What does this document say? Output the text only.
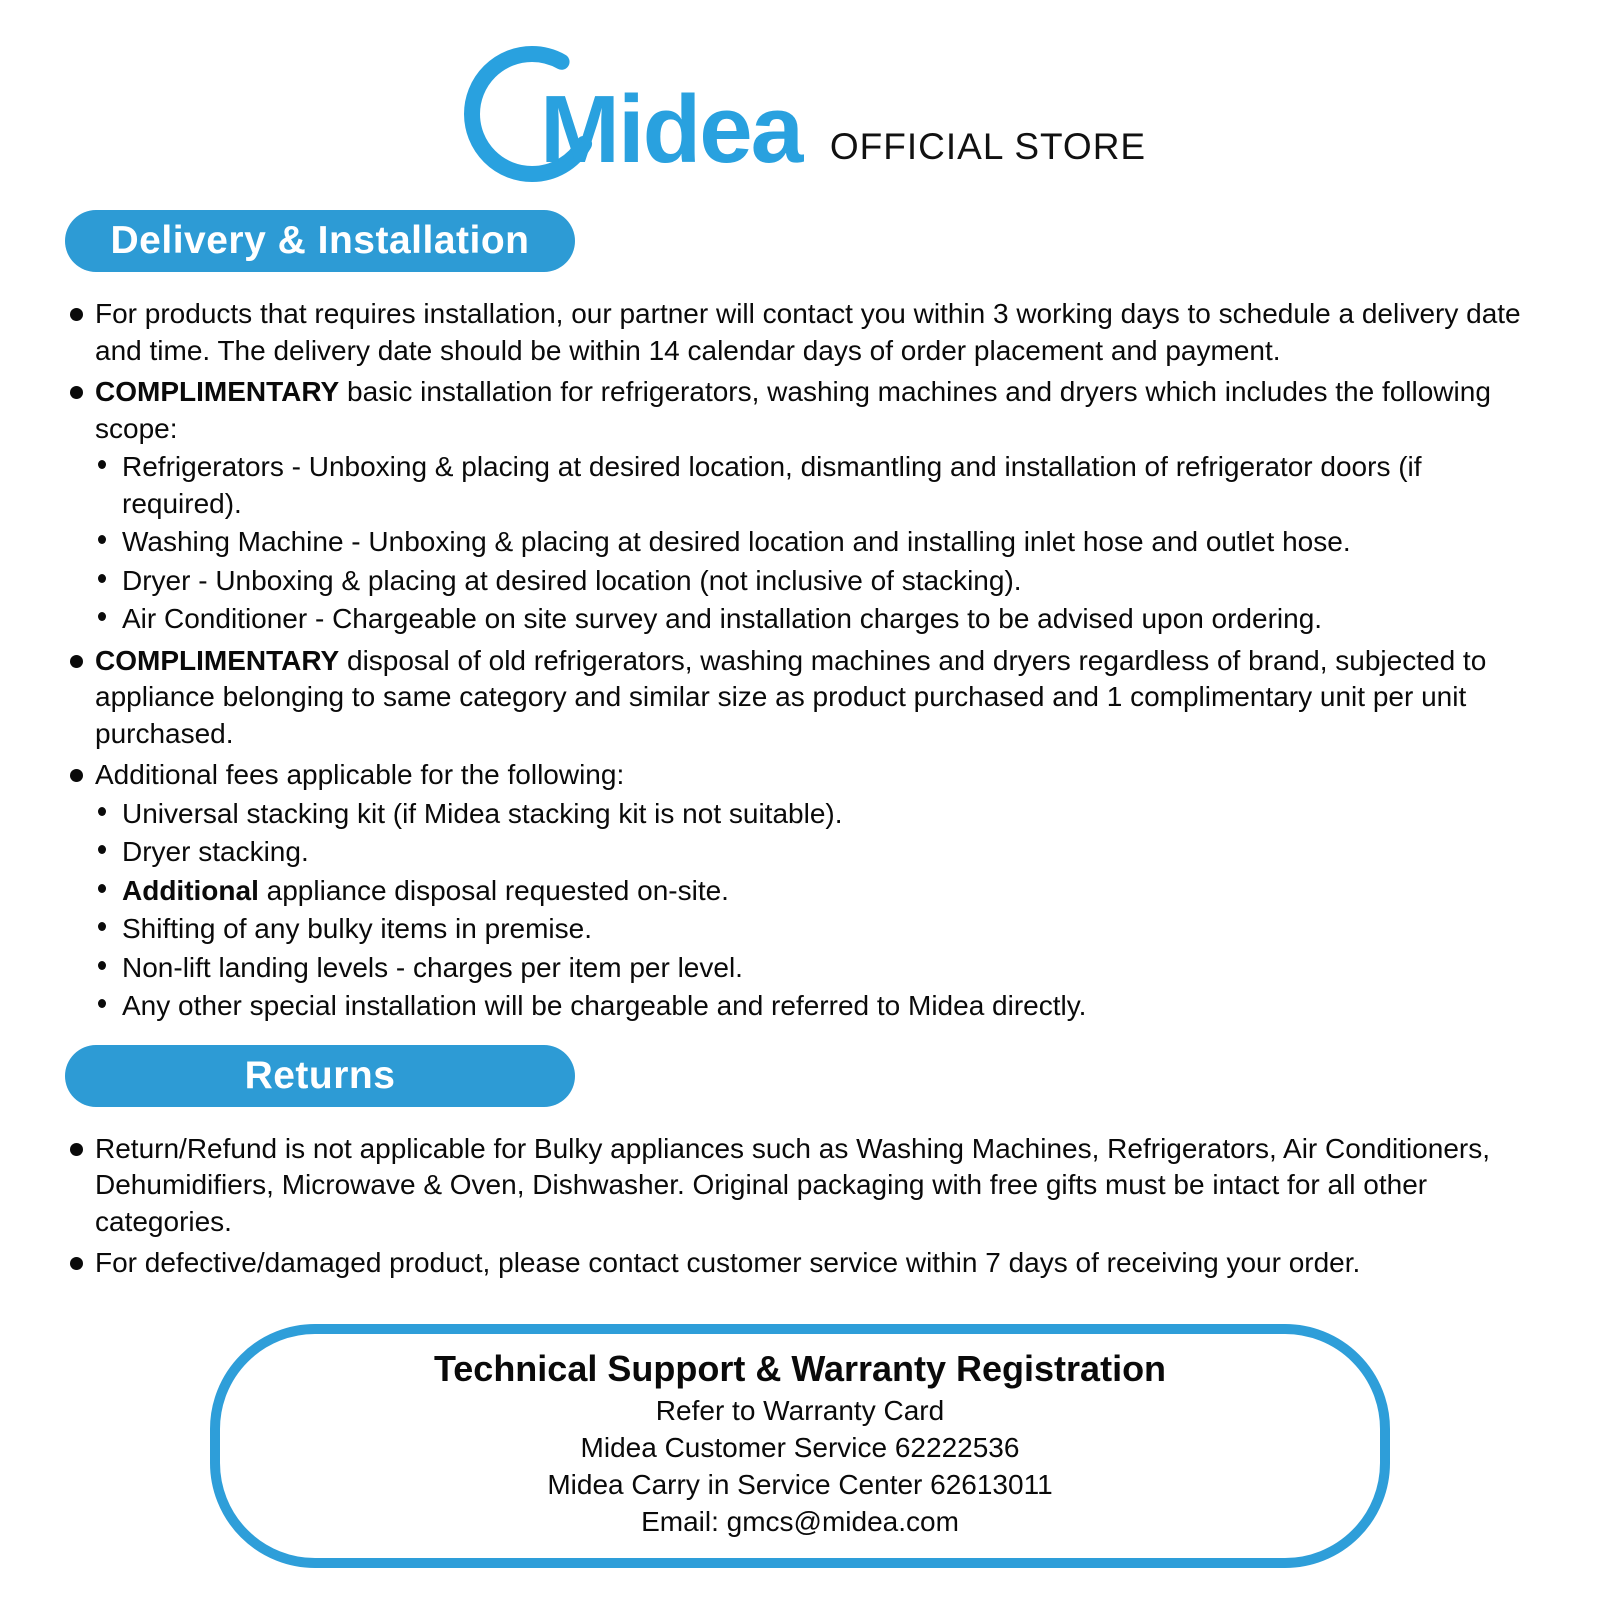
Midea OFFICIAL STORE
Delivery & Installation
For products that requires installation, our partner will contact you within 3 working days to schedule a delivery date and time. The delivery date should be within 14 calendar days of order placement and payment.
COMPLIMENTARY basic installation for refrigerators, washing machines and dryers which includes the following scope:
Refrigerators - Unboxing & placing at desired location, dismantling and installation of refrigerator doors (if required).
Washing Machine - Unboxing & placing at desired location and installing inlet hose and outlet hose.
Dryer - Unboxing & placing at desired location (not inclusive of stacking).
Air Conditioner - Chargeable on site survey and installation charges to be advised upon ordering.
COMPLIMENTARY disposal of old refrigerators, washing machines and dryers regardless of brand, subjected to appliance belonging to same category and similar size as product purchased and 1 complimentary unit per unit purchased.
Additional fees applicable for the following:
Universal stacking kit (if Midea stacking kit is not suitable).
Dryer stacking.
Additional appliance disposal requested on-site.
Shifting of any bulky items in premise.
Non-lift landing levels - charges per item per level.
Any other special installation will be chargeable and referred to Midea directly.
Returns
Return/Refund is not applicable for Bulky appliances such as Washing Machines, Refrigerators, Air Conditioners, Dehumidifiers, Microwave & Oven, Dishwasher. Original packaging with free gifts must be intact for all other categories.
For defective/damaged product, please contact customer service within 7 days of receiving your order.
Technical Support & Warranty Registration
Refer to Warranty Card
Midea Customer Service 62222536
Midea Carry in Service Center 62613011
Email: gmcs@midea.com
